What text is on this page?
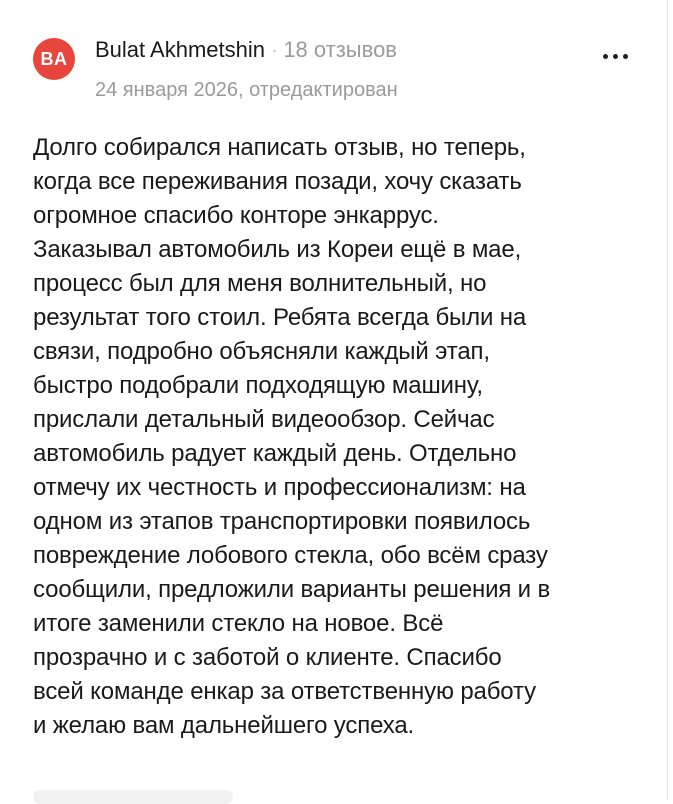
BA Bulat Akhmetshin · 18 отзывов
24 января 2026, отредактирован
Долго собирался написать отзыв, но теперь,
когда все переживания позади, хочу сказать
огромное спасибо конторе энкаррус.
Заказывал автомобиль из Кореи ещё в мае,
процесс был для меня волнительный, но
результат того стоил. Ребята всегда были на
связи, подробно объясняли каждый этап,
быстро подобрали подходящую машину,
прислали детальный видеообзор. Сейчас
автомобиль радует каждый день. Отдельно
отмечу их честность и профессионализм: на
одном из этапов транспортировки появилось
повреждение лобового стекла, обо всём сразу
сообщили, предложили варианты решения и в
итоге заменили стекло на новое. Всё
прозрачно и с заботой о клиенте. Спасибо
всей команде енкар за ответственную работу
и желаю вам дальнейшего успеха.
